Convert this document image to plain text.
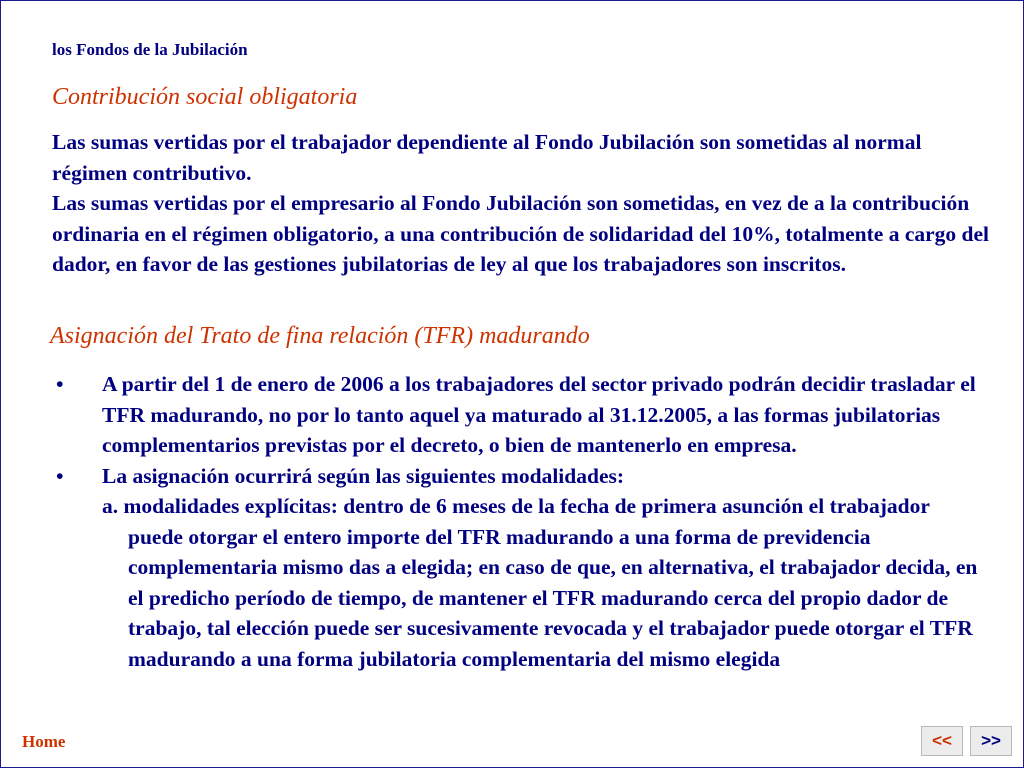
los Fondos de la Jubilación
Contribución social obligatoria
Las sumas vertidas por el trabajador dependiente al Fondo Jubilación son sometidas al normal régimen contributivo.
Las sumas vertidas por el empresario al Fondo Jubilación son sometidas, en vez de a la contribución ordinaria en el régimen obligatorio, a una contribución de solidaridad del 10%, totalmente a cargo del dador, en favor de las gestiones jubilatorias de ley al que los trabajadores son inscritos.
Asignación del Trato de fina relación (TFR) madurando
• A partir del 1 de enero de 2006 a los trabajadores del sector privado podrán decidir trasladar el TFR madurando, no por lo tanto aquel ya maturado al 31.12.2005, a las formas jubilatorias complementarios previstas por el decreto, o bien de mantenerlo en empresa.
• La asignación ocurrirá según las siguientes modalidades:
a. modalidades explícitas: dentro de 6 meses de la fecha de primera asunción el trabajador puede otorgar el entero importe del TFR madurando a una forma de previdencia complementaria mismo das a elegida; en caso de que, en alternativa, el trabajador decida, en el predicho período de tiempo, de mantener el TFR madurando cerca del propio dador de trabajo, tal elección puede ser sucesivamente revocada y el trabajador puede otorgar el TFR madurando a una forma jubilatoria complementaria del mismo elegida
Home	<<	>>
